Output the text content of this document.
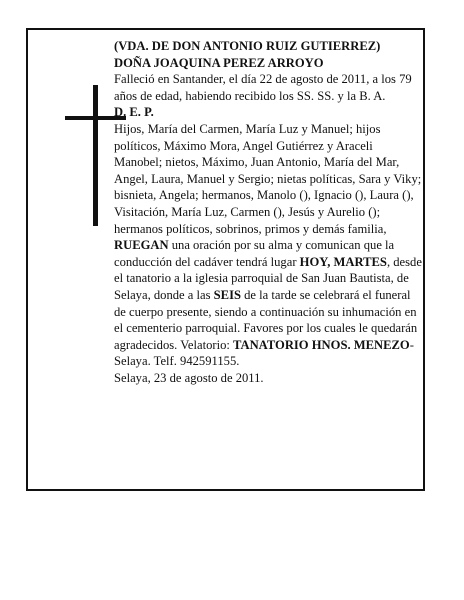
(VDA. DE DON ANTONIO RUIZ GUTIERREZ)

DOÑA JOAQUINA PEREZ ARROYO

Falleció en Santander, el día 22 de agosto de 2011, a los 79 años de edad, habiendo recibido los SS. SS. y la B. A.

D. E. P.

Hijos, María del Carmen, María Luz y Manuel; hijos políticos, Máximo Mora, Angel Gutiérrez y Araceli Manobel; nietos, Máximo, Juan Antonio, María del Mar, Angel, Laura, Manuel y Sergio; nietas políticas, Sara y Viky; bisnieta, Angela; hermanos, Manolo (), Ignacio (), Laura (), Visitación, María Luz, Carmen (), Jesús y Aurelio (); hermanos políticos, sobrinos, primos y demás familia,

RUEGAN una oración por su alma y comunican que la conducción del cadáver tendrá lugar HOY, MARTES, desde el tanatorio a la iglesia parroquial de San Juan Bautista, de Selaya, donde a las SEIS de la tarde se celebrará el funeral de cuerpo presente, siendo a continuación su inhumación en el cementerio parroquial. Favores por los cuales le quedarán agradecidos. Velatorio: TANATORIO HNOS. MENEZO-Selaya. Telf. 942591155.

Selaya, 23 de agosto de 2011.
